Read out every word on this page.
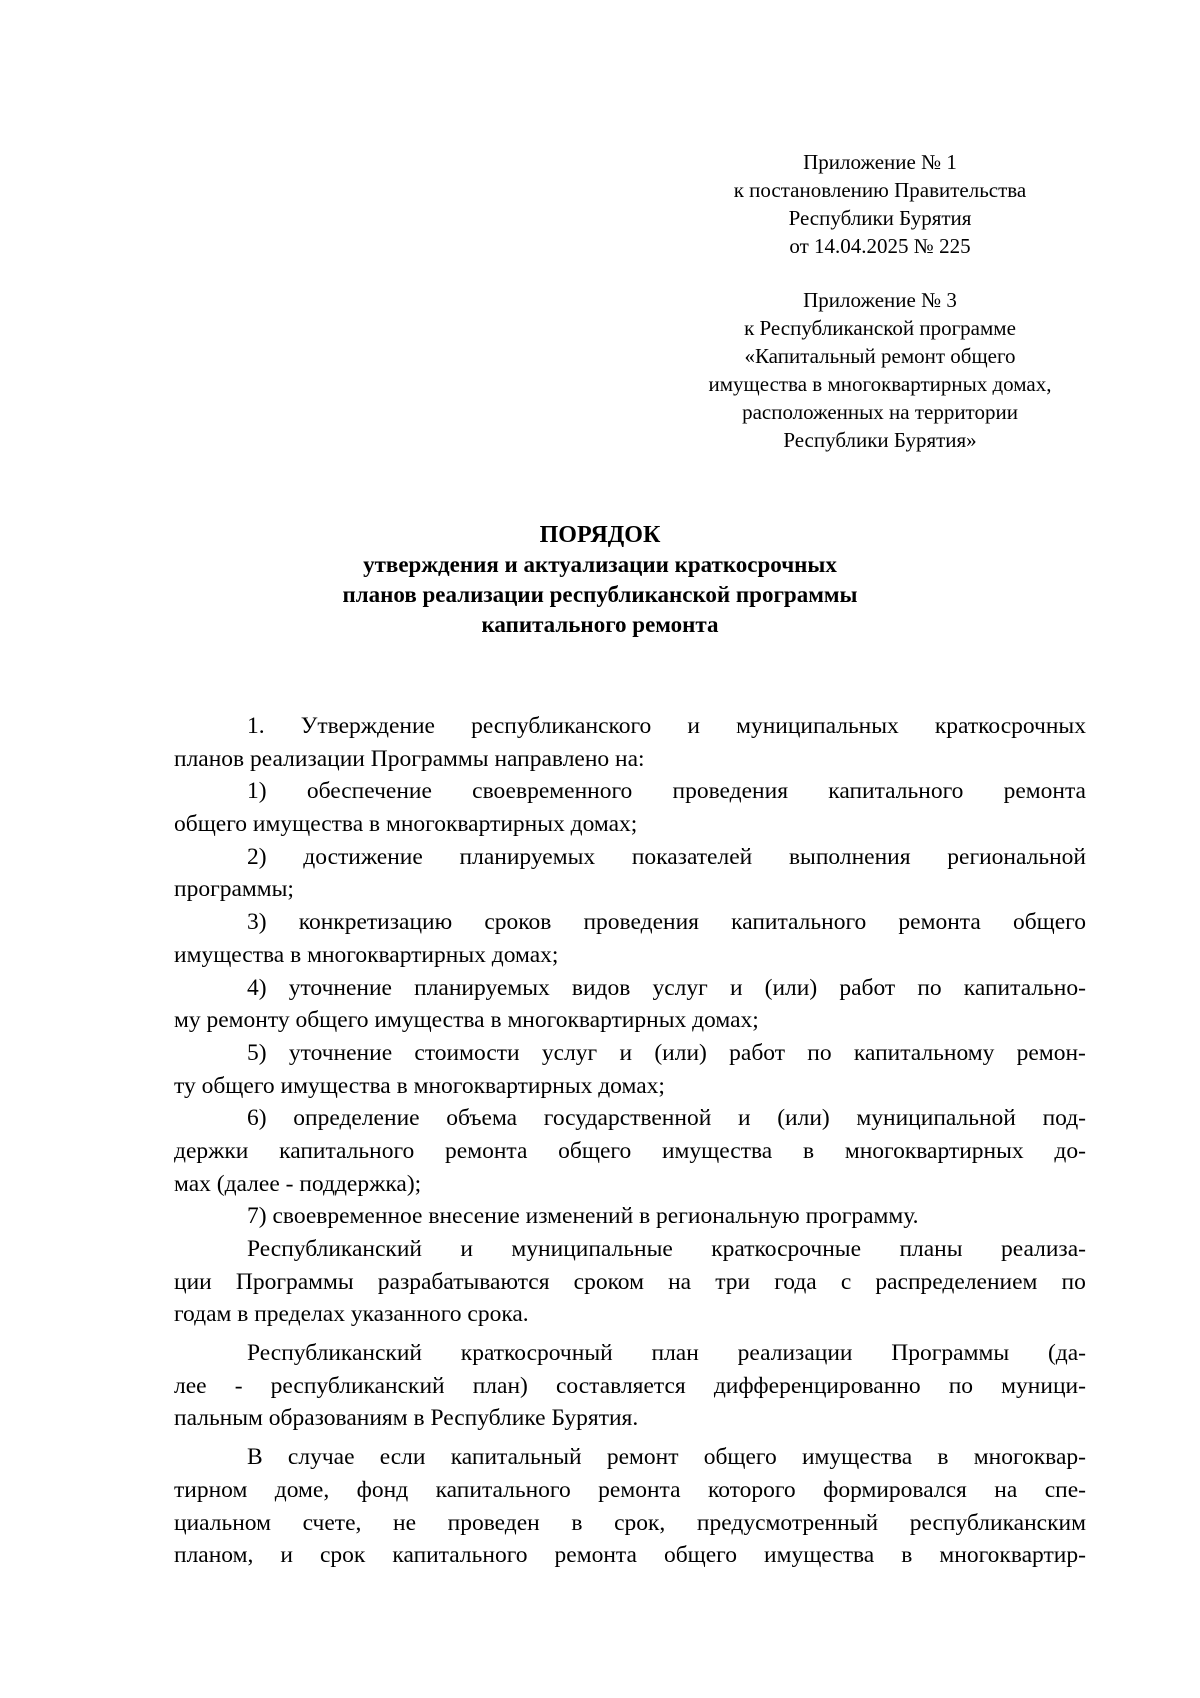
Приложение № 1
к постановлению Правительства
Республики Бурятия
от 14.04.2025 № 225
Приложение № 3
к Республиканской программе
«Капитальный ремонт общего
имущества в многоквартирных домах,
расположенных на территории
Республики Бурятия»
ПОРЯДОК
утверждения и актуализации краткосрочных
планов реализации республиканской программы
капитального ремонта
1. Утверждение республиканского и муниципальных краткосрочных
планов реализации Программы направлено на:
1) обеспечение своевременного проведения капитального ремонта
общего имущества в многоквартирных домах;
2) достижение планируемых показателей выполнения региональной
программы;
3) конкретизацию сроков проведения капитального ремонта общего
имущества в многоквартирных домах;
4) уточнение планируемых видов услуг и (или) работ по капитально-
му ремонту общего имущества в многоквартирных домах;
5) уточнение стоимости услуг и (или) работ по капитальному ремон-
ту общего имущества в многоквартирных домах;
6) определение объема государственной и (или) муниципальной под-
держки капитального ремонта общего имущества в многоквартирных до-
мах (далее - поддержка);
7) своевременное внесение изменений в региональную программу.
Республиканский и муниципальные краткосрочные планы реализа-
ции Программы разрабатываются сроком на три года с распределением по
годам в пределах указанного срока.
Республиканский краткосрочный план реализации Программы (да-
лее - республиканский план) составляется дифференцированно по муници-
пальным образованиям в Республике Бурятия.
В случае если капитальный ремонт общего имущества в многоквар-
тирном доме, фонд капитального ремонта которого формировался на спе-
циальном счете, не проведен в срок, предусмотренный республиканским
планом, и срок капитального ремонта общего имущества в многоквартир-
